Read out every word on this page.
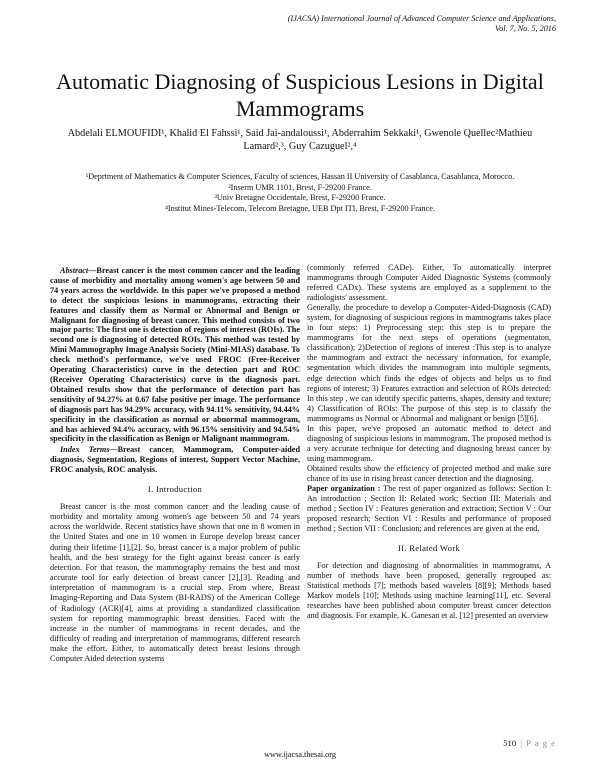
(IJACSA) International Journal of Advanced Computer Science and Applications,
Vol. 7, No. 5, 2016
Automatic Diagnosing of Suspicious Lesions in Digital Mammograms
Abdelali ELMOUFIDI¹, Khalid El Fahssi¹, Said Jai-andaloussi¹, Abderrahim Sekkaki¹, Gwenole Quellec²Mathieu Lamard²,³, Guy Cazuguel²,⁴
¹Deprtment of Mathematics & Computer Sciences, Faculty of sciences, Hassan II University of Casablanca, Casablanca, Morocco.
²Inserm UMR 1101, Brest, F-29200 France.
³Univ Bretagne Occidentale, Brest, F-29200 France.
⁴Institut Mines-Telecom, Telecom Bretagne, UEB Dpt ITI, Brest, F-29200 France.

Abstract—Breast cancer is the most common cancer and the leading cause of morbidity and mortality among women's age between 50 and 74 years across the worldwide. In this paper we've proposed a method to detect the suspicious lesions in mammograms, extracting their features and classify them as Normal or Abnormal and Benign or Malignant for diagnosing of breast cancer. This method consists of two major parts: The first one is detection of regions of interest (ROIs). The second one is diagnosing of detected ROIs. This method was tested by Mini Mammography Image Analysis Society (Mini-MIAS) database. To check method's performance, we've used FROC (Free-Receiver Operating Characteristics) curve in the detection part and ROC (Receiver Operating Characteristics) curve in the diagnosis part. Obtained results show that the performance of detection part has sensitivity of 94.27% at 0.67 false positive per image. The performance of diagnosis part has 94.29% accuracy, with 94.11% sensitivity, 94.44% specificity in the classification as normal or abnormal mammogram, and has achieved 94.4% accuracy, with 96.15% sensitivity and 94.54% specificity in the classification as Benign or Malignant mammogram.

Index Terms—Breast cancer, Mammogram, Computer-aided diagnosis, Segmentation, Regions of interest, Support Vector Machine, FROC analysis, ROC analysis.

I. Introduction

Breast cancer is the most common cancer and the leading cause of morbidity and mortality among women's age between 50 and 74 years across the worldwide. Recent statistics have shown that one in 8 women in the United States and one in 10 women in Europe develop breast cancer during their lifetime [1],[2]. So, breast cancer is a major problem of public health, and the best strategy for the fight against breast cancer is early detection. For that reason, the mammography remains the best and most accurate tool for early detection of breast cancer [2],[3]. Reading and interpretation of mammogram is a crucial step. From where, Breast Imaging-Reporting and Data System (BI-RADS) of the American College of Radiology (ACR)[4], aims at providing a standardized classification system for reporting mammographic breast densities. Faced with the increase in the number of mammograms in recent decades, and the difficulty of reading and interpretation of mammograms, different research make the effort. Either, to automatically detect breast lesions through Computer Aided detection systems

(commonly referred CADe). Either, To automatically interpret mammograms through Computer Aided Diagnostic Systems (commonly referred CADx). These systems are employed as a supplement to the radiologists' assessment.

Generally, the procedure to develop a Computer-Aided-Diagnosis (CAD) system, for diagnosing of suspicious regions in mammograms takes place in four steps: 1) Preprocessing step: this step is to prepare the mammograms for the next steps of operations (segmentaton, classification); 2)Detection of regions of interest :This step is to analyze the mammogram and extract the necessary information, for example, segmentation which divides the mammogram into multiple segments, edge detection which finds the edges of objects and helps us to find regions of interest; 3) Features extraction and selection of ROIs detected: In this step , we can identify specific patterns, shapes, density and texture; 4) Classification of ROIs: The purpose of this step is to classify the mammograms as Normal or Abnormal and malignant or benign [5][6].

In this paper, we've proposed an automatic method to detect and diagnosing of suspicious lesions in mammogram. The proposed method is a very accurate technique for detecting and diagnosing breast cancer by using mammogram.

Obtained results show the efficiency of projected method and make sure chance of its use in rising breast cancer detection and the diagnosing.

Paper organization : The rest of paper organized as follows: Section I: An introduction ; Section II: Related work; Section III: Materials and method ; Section IV : Features generation and extraction; Section V : Our proposed research; Section VI : Results and performance of proposed method ; Section VII : Conclusion; and references are given at the end.

II. Related Work

For detection and diagnosing of abnormalities in mammograms, A number of methods have been proposed, generally regrouped as: Statistical methods [7]; methods based wavelets [8][9]; Methods based Markov models [10]; Methods using machine learning[11], etc. Several researches have been published about computer breast cancer detection and diagnosis. For example, K. Ganesan et al. [12] presented an overview

510 | P a g e
www.ijacsa.thesai.org
